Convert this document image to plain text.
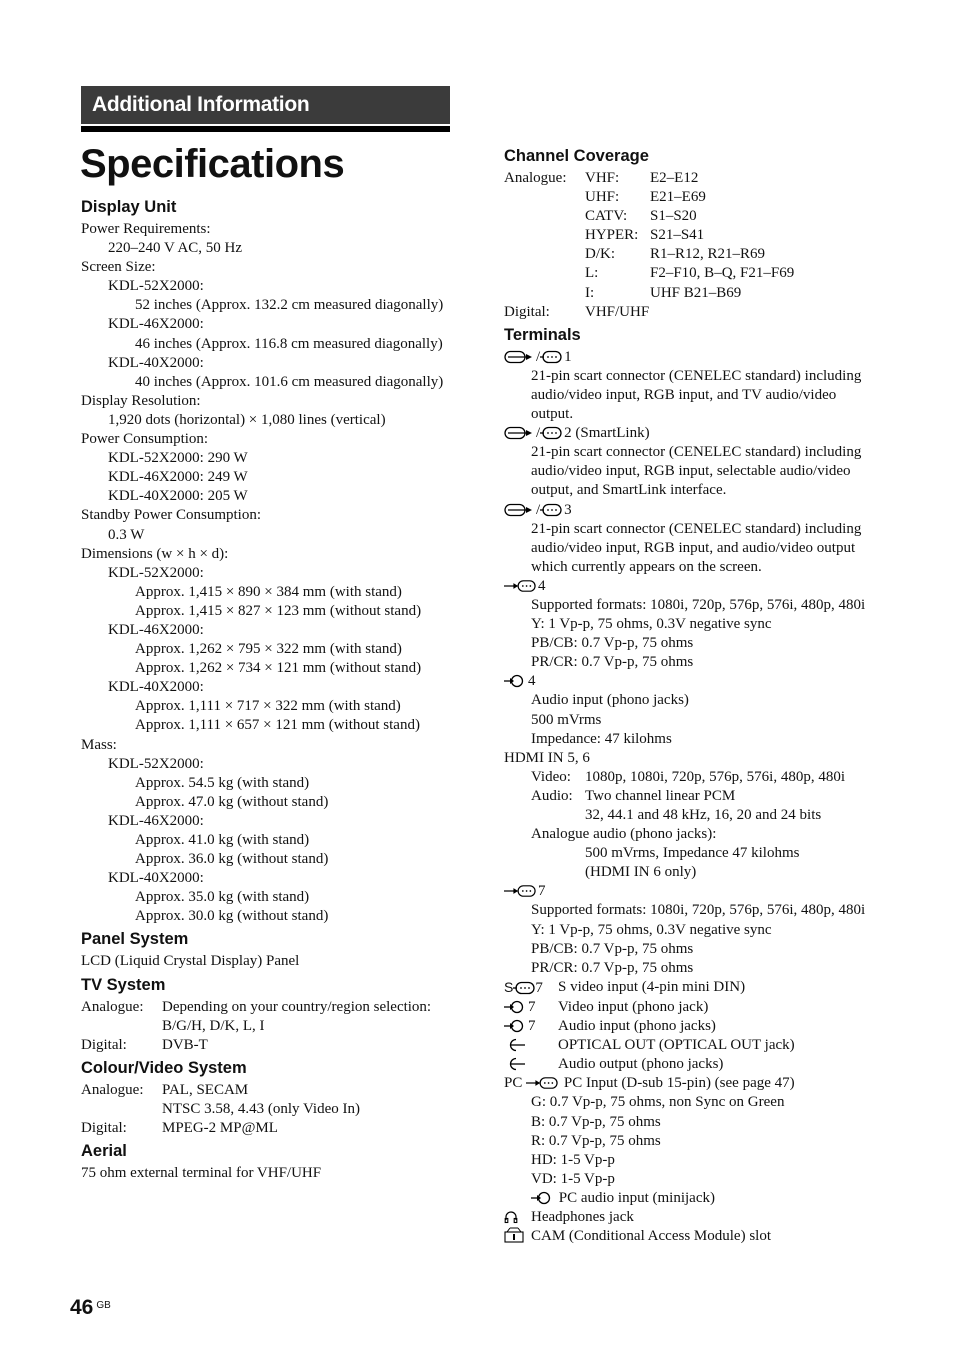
Additional Information
Specifications
Display Unit
Power Requirements:
220–240 V AC, 50 Hz
Screen Size:
KDL-52X2000:
52 inches (Approx. 132.2 cm measured diagonally)
KDL-46X2000:
46 inches (Approx. 116.8 cm measured diagonally)
KDL-40X2000:
40 inches (Approx. 101.6 cm measured diagonally)
Display Resolution:
1,920 dots (horizontal) × 1,080 lines (vertical)
Power Consumption:
KDL-52X2000: 290 W
KDL-46X2000: 249 W
KDL-40X2000: 205 W
Standby Power Consumption:
0.3 W
Dimensions (w × h × d):
KDL-52X2000:
Approx. 1,415 × 890 × 384 mm (with stand)
Approx. 1,415 × 827 × 123 mm (without stand)
KDL-46X2000:
Approx. 1,262 × 795 × 322 mm (with stand)
Approx. 1,262 × 734 × 121 mm (without stand)
KDL-40X2000:
Approx. 1,111 × 717 × 322 mm (with stand)
Approx. 1,111 × 657 × 121 mm (without stand)
Mass:
KDL-52X2000:
Approx. 54.5 kg (with stand)
Approx. 47.0 kg (without stand)
KDL-46X2000:
Approx. 41.0 kg (with stand)
Approx. 36.0 kg (without stand)
KDL-40X2000:
Approx. 35.0 kg (with stand)
Approx. 30.0 kg (without stand)
Panel System
LCD (Liquid Crystal Display) Panel
TV System
Analogue:	Depending on your country/region selection:
B/G/H, D/K, L, I
Digital:	DVB-T
Colour/Video System
Analogue:	PAL, SECAM
NTSC 3.58, 4.43 (only Video In)
Digital:	MPEG-2 MP@ML
Aerial
75 ohm external terminal for VHF/UHF
Channel Coverage
Analogue:	VHF:	E2–E12
UHF:	E21–E69
CATV:	S1–S20
HYPER: S21–S41
D/K:	R1–R12, R21–R69
L:	F2–F10, B–Q, F21–F69
I:	UHF B21–B69
Digital:	VHF/UHF
Terminals
/ 1
21-pin scart connector (CENELEC standard) including
audio/video input, RGB input, and TV audio/video
output.
/ 2 (SmartLink)
21-pin scart connector (CENELEC standard) including
audio/video input, RGB input, selectable audio/video
output, and SmartLink interface.
/ 3
21-pin scart connector (CENELEC standard) including
audio/video input, RGB input, and audio/video output
which currently appears on the screen.
4
Supported formats: 1080i, 720p, 576p, 576i, 480p, 480i
Y: 1 Vp-p, 75 ohms, 0.3V negative sync
PB/CB: 0.7 Vp-p, 75 ohms
PR/CR: 0.7 Vp-p, 75 ohms
4
Audio input (phono jacks)
500 mVrms
Impedance: 47 kilohms
HDMI IN 5, 6
Video: 1080p, 1080i, 720p, 576p, 576i, 480p, 480i
Audio: Two channel linear PCM
32, 44.1 and 48 kHz, 16, 20 and 24 bits
Analogue audio (phono jacks):
500 mVrms, Impedance 47 kilohms
(HDMI IN 6 only)
7
Supported formats: 1080i, 720p, 576p, 576i, 480p, 480i
Y: 1 Vp-p, 75 ohms, 0.3V negative sync
PB/CB: 0.7 Vp-p, 75 ohms
PR/CR: 0.7 Vp-p, 75 ohms
S 7	S video input (4-pin mini DIN)
7	Video input (phono jack)
7	Audio input (phono jacks)
OPTICAL OUT (OPTICAL OUT jack)
Audio output (phono jacks)
PC	PC Input (D-sub 15-pin) (see page 47)
G: 0.7 Vp-p, 75 ohms, non Sync on Green
B: 0.7 Vp-p, 75 ohms
R: 0.7 Vp-p, 75 ohms
HD: 1-5 Vp-p
VD: 1-5 Vp-p
PC audio input (minijack)
Headphones jack
CAM (Conditional Access Module) slot
46 $^{GB}$
